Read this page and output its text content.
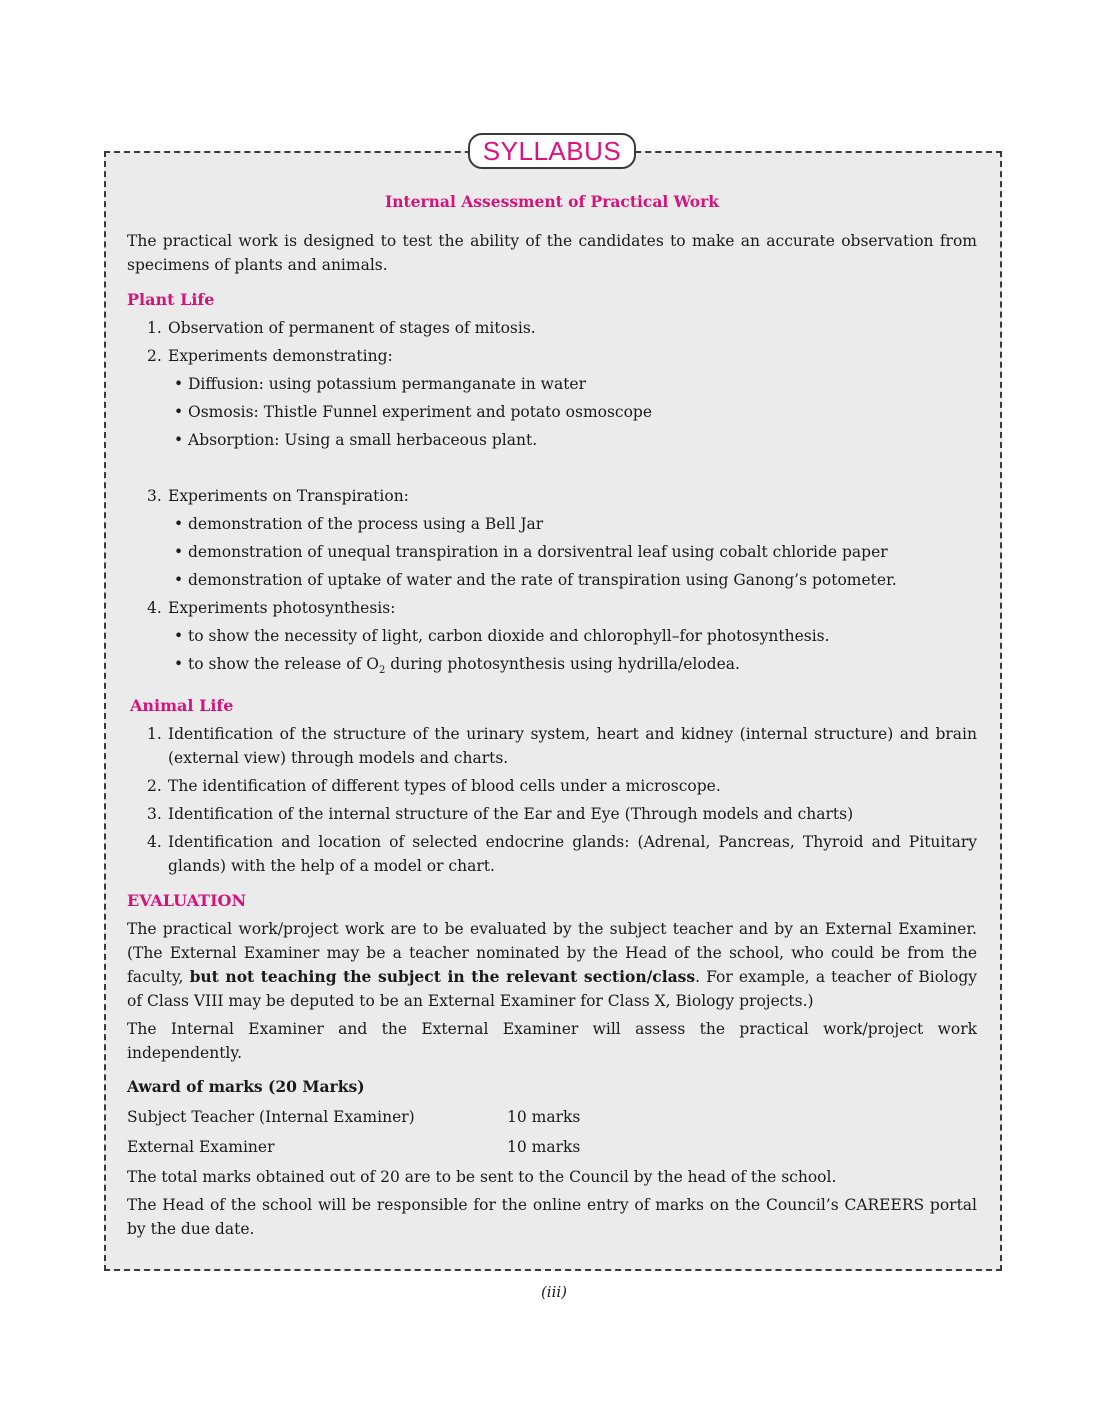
SYLLABUS
Internal Assessment of Practical Work

The practical work is designed to test the ability of the candidates to make an accurate observation from specimens of plants and animals.

Plant Life
1. Observation of permanent of stages of mitosis.
2. Experiments demonstrating:
• Diffusion: using potassium permanganate in water
• Osmosis: Thistle Funnel experiment and potato osmoscope
• Absorption: Using a small herbaceous plant.
3. Experiments on Transpiration:
• demonstration of the process using a Bell Jar
• demonstration of unequal transpiration in a dorsiventral leaf using cobalt chloride paper
• demonstration of uptake of water and the rate of transpiration using Ganong’s potometer.
4. Experiments photosynthesis:
• to show the necessity of light, carbon dioxide and chlorophyll–for photosynthesis.
• to show the release of $O_2$ during photosynthesis using hydrilla/elodea.
Animal Life
1. Identification of the structure of the urinary system, heart and kidney (internal structure) and brain (external view) through models and charts.
2. The identification of different types of blood cells under a microscope.
3. Identification of the internal structure of the Ear and Eye (Through models and charts)
4. Identification and location of selected endocrine glands: (Adrenal, Pancreas, Thyroid and Pituitary glands) with the help of a model or chart.
EVALUATION

The practical work/project work are to be evaluated by the subject teacher and by an External Examiner. (The External Examiner may be a teacher nominated by the Head of the school, who could be from the faculty, but not teaching the subject in the relevant section/class. For example, a teacher of Biology of Class VIII may be deputed to be an External Examiner for Class X, Biology projects.)

The Internal Examiner and the External Examiner will assess the practical work/project work independently.

Award of marks (20 Marks)
Subject Teacher (Internal Examiner)	10 marks
External Examiner	10 marks

The total marks obtained out of 20 are to be sent to the Council by the head of the school.

The Head of the school will be responsible for the online entry of marks on the Council’s CAREERS portal by the due date.

(iii)
